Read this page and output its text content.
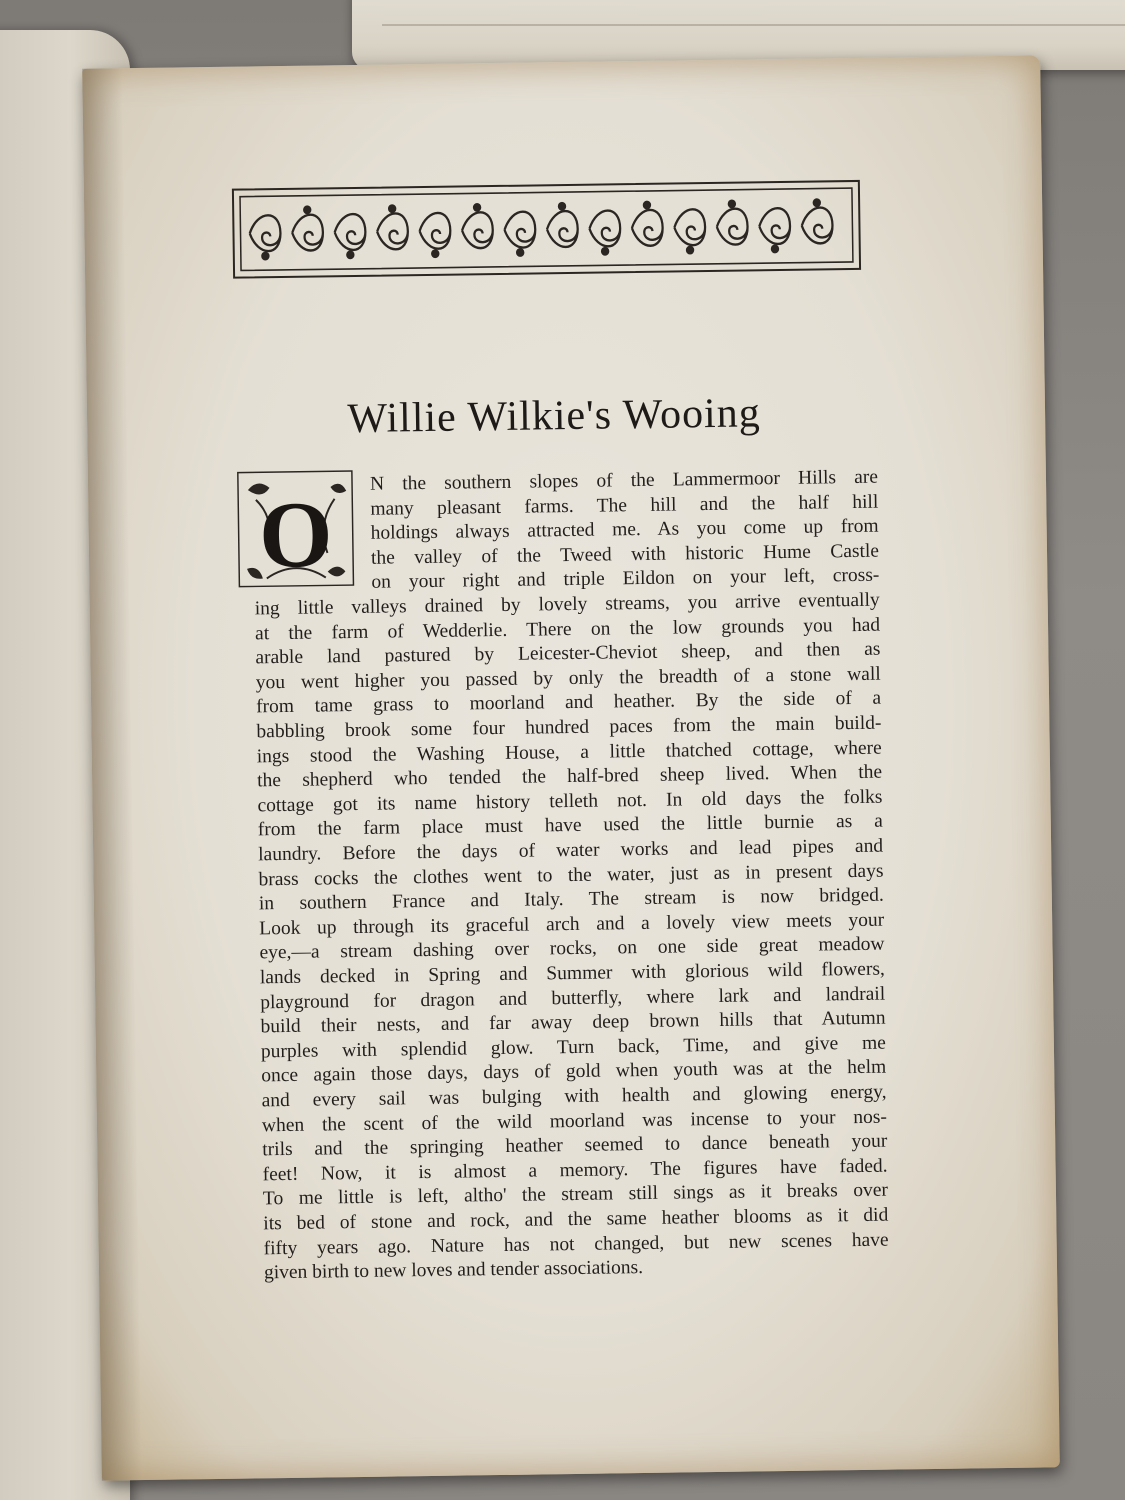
Willie Wilkie's Wooing
O
N the southern slopes of the Lammermoor Hills are
many pleasant farms. The hill and the half hill
holdings always attracted me. As you come up from
the valley of the Tweed with historic Hume Castle
on your right and triple Eildon on your left, cross-
ing little valleys drained by lovely streams, you arrive eventually
at the farm of Wedderlie. There on the low grounds you had
arable land pastured by Leicester-Cheviot sheep, and then as
you went higher you passed by only the breadth of a stone wall
from tame grass to moorland and heather. By the side of a
babbling brook some four hundred paces from the main build-
ings stood the Washing House, a little thatched cottage, where
the shepherd who tended the half-bred sheep lived. When the
cottage got its name history telleth not. In old days the folks
from the farm place must have used the little burnie as a
laundry. Before the days of water works and lead pipes and
brass cocks the clothes went to the water, just as in present days
in southern France and Italy. The stream is now bridged.
Look up through its graceful arch and a lovely view meets your
eye,—a stream dashing over rocks, on one side great meadow
lands decked in Spring and Summer with glorious wild flowers,
playground for dragon and butterfly, where lark and landrail
build their nests, and far away deep brown hills that Autumn
purples with splendid glow. Turn back, Time, and give me
once again those days, days of gold when youth was at the helm
and every sail was bulging with health and glowing energy,
when the scent of the wild moorland was incense to your nos-
trils and the springing heather seemed to dance beneath your
feet! Now, it is almost a memory. The figures have faded.
To me little is left, altho' the stream still sings as it breaks over
its bed of stone and rock, and the same heather blooms as it did
fifty years ago. Nature has not changed, but new scenes have
given birth to new loves and tender associations.
